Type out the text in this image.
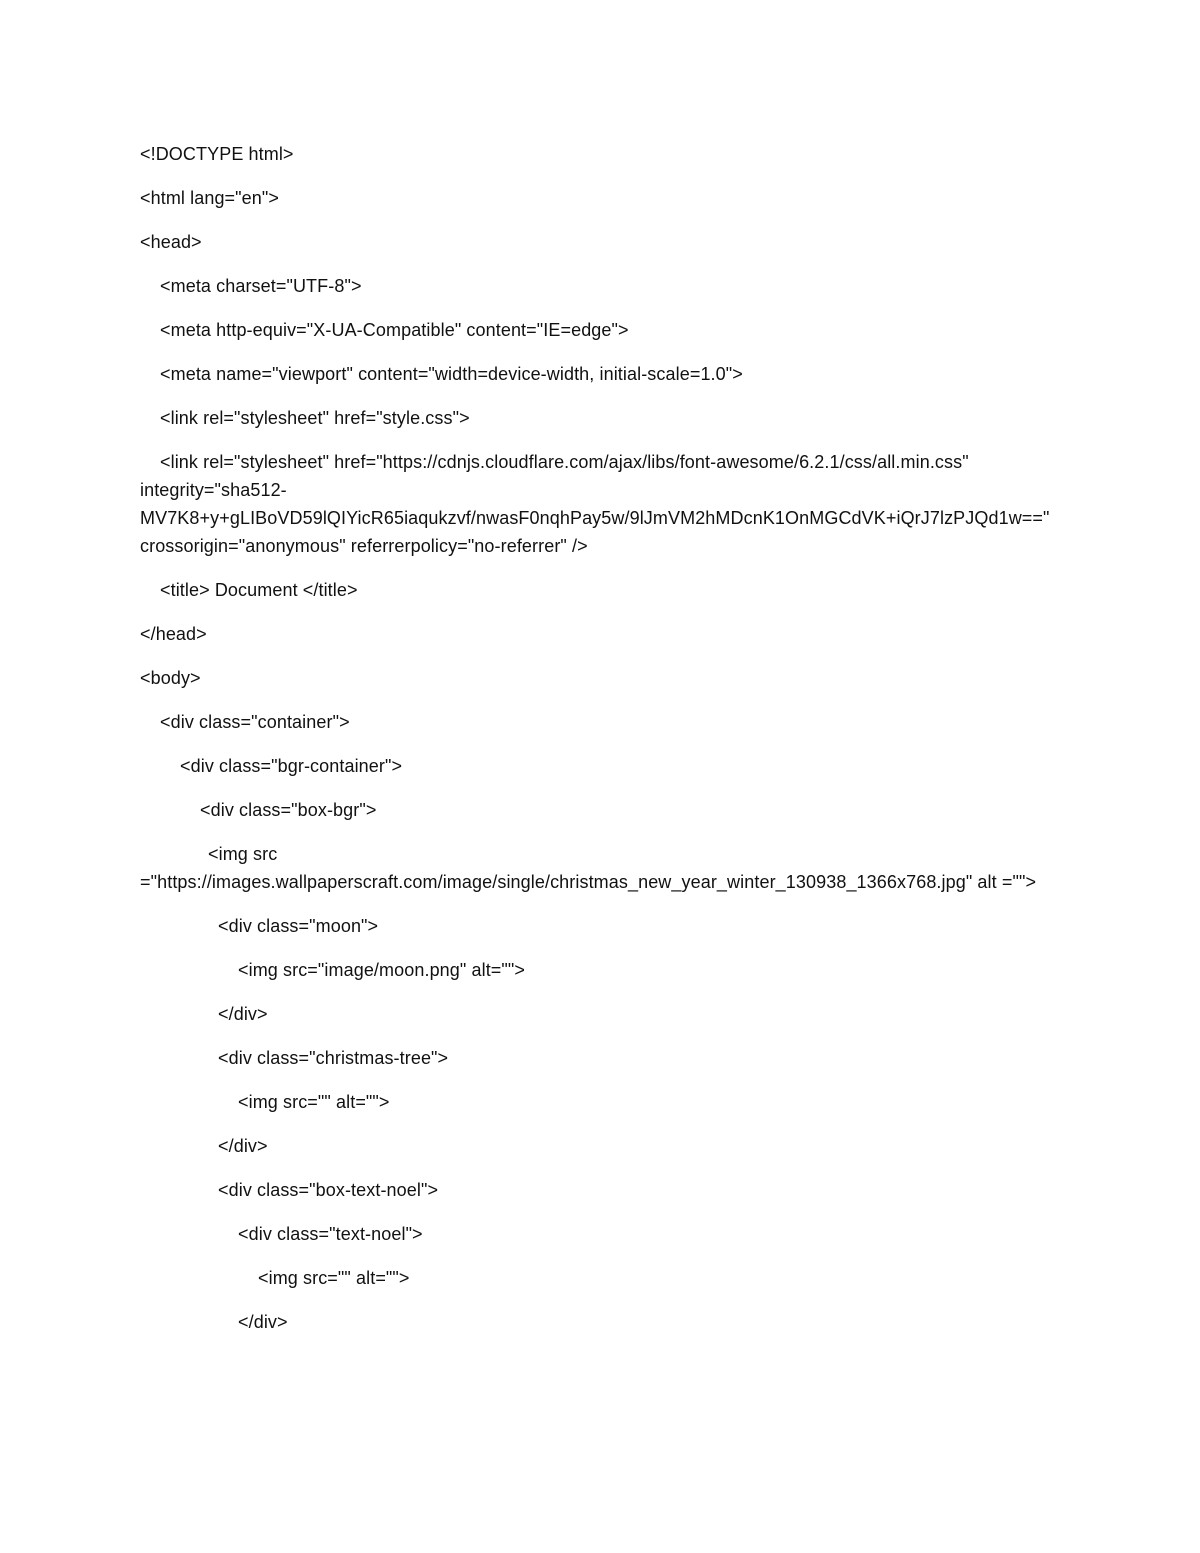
<!DOCTYPE html>
<html lang="en">
<head>
<meta charset="UTF-8">
<meta http-equiv="X-UA-Compatible" content="IE=edge">
<meta name="viewport" content="width=device-width, initial-scale=1.0">
<link rel="stylesheet" href="style.css">
<link rel="stylesheet" href="https://cdnjs.cloudflare.com/ajax/libs/font-awesome/6.2.1/css/all.min.css" integrity="sha512-MV7K8+y+gLIBoVD59lQIYicR65iaqukzvf/nwasF0nqhPay5w/9lJmVM2hMDcnK1OnMGCdVK+iQrJ7lzPJQd1w==" crossorigin="anonymous" referrerpolicy="no-referrer" />
<title> Document </title>
</head>
<body>
<div class="container">
<div class="bgr-container">
<div class="box-bgr">
<img src ="https://images.wallpaperscraft.com/image/single/christmas_new_year_winter_130938_1366x768.jpg" alt ="">
<div class="moon">
<img src="image/moon.png" alt="">
</div>
<div class="christmas-tree">
<img src="" alt="">
</div>
<div class="box-text-noel">
<div class="text-noel">
<img src="" alt="">
</div>
